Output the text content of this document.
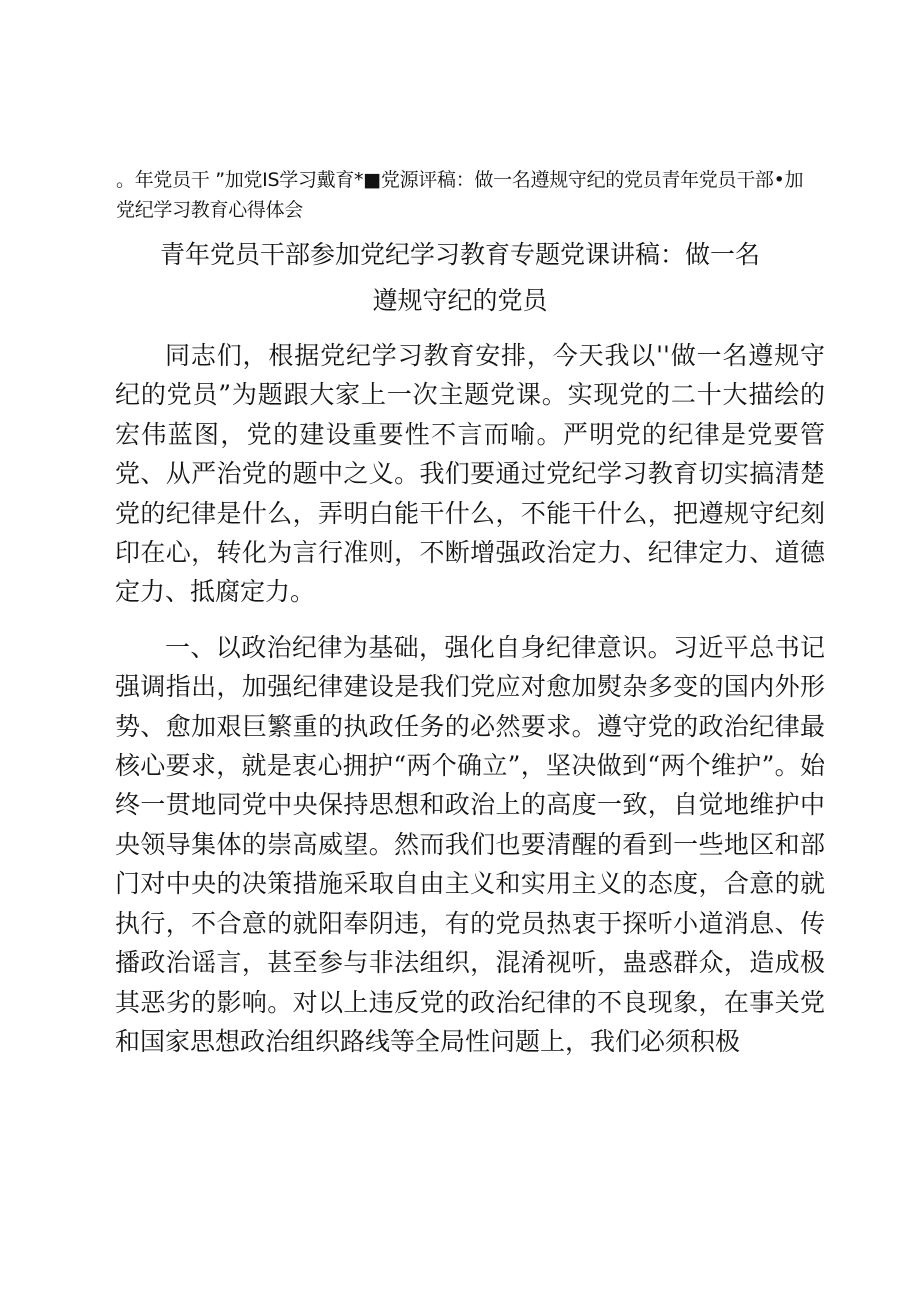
。年党员干 ”加党IS学习戴育*■党源评稿：做一名遵规守纪的党员青年党员干部•加
党纪学习教育心得体会
青年党员干部参加党纪学习教育专题党课讲稿：做一名
遵规守纪的党员

同志们，根据党纪学习教育安排，今天我以''做一名遵规守纪的党员”为题跟大家上一次主题党课。实现党的二十大描绘的宏伟蓝图，党的建设重要性不言而喻。严明党的纪律是党要管党、从严治党的题中之义。我们要通过党纪学习教育切实搞清楚党的纪律是什么，弄明白能干什么，不能干什么，把遵规守纪刻印在心，转化为言行准则，不断增强政治定力、纪律定力、道德定力、抵腐定力。

一、以政治纪律为基础，强化自身纪律意识。习近平总书记强调指出，加强纪律建设是我们党应对愈加熨杂多变的国内外形势、愈加艰巨繁重的执政任务的必然要求。遵守党的政治纪律最核心要求，就是衷心拥护“两个确立”，坚决做到“两个维护”。始终一贯地同党中央保持思想和政治上的高度一致，自觉地维护中央领导集体的崇高威望。然而我们也要清醒的看到一些地区和部门对中央的决策措施采取自由主义和实用主义的态度，合意的就执行，不合意的就阳奉阴违，有的党员热衷于探听小道消息、传播政治谣言，甚至参与非法组织，混淆视听，蛊惑群众，造成极其恶劣的影响。对以上违反党的政治纪律的不良现象，在事关党和国家思想政治组织路线等全局性问题上，我们必须积极
